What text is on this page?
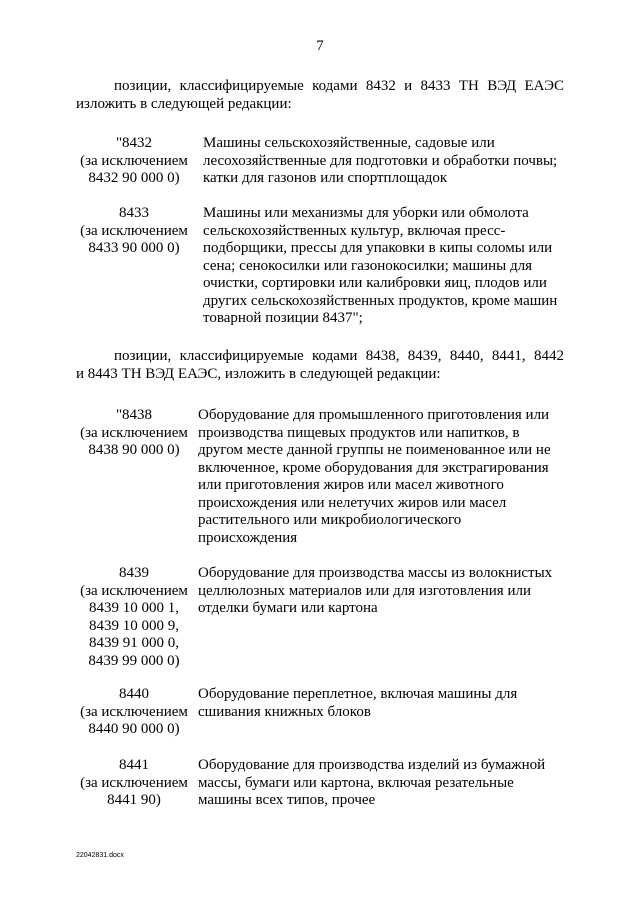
7

позиции, классифицируемые кодами 8432 и 8433 ТН ВЭД ЕАЭС
изложить в следующей редакции:

"8432
(за исключением
8432 90 000 0)
Машины сельскохозяйственные, садовые или
лесохозяйственные для подготовки и обработки почвы;
катки для газонов или спортплощадок
8433
(за исключением
8433 90 000 0)
Машины или механизмы для уборки или обмолота
сельскохозяйственных культур, включая пресс-
подборщики, прессы для упаковки в кипы соломы или
сена; сенокосилки или газонокосилки; машины для
очистки, сортировки или калибровки яиц, плодов или
других сельскохозяйственных продуктов, кроме машин
товарной позиции 8437";

позиции, классифицируемые кодами 8438, 8439, 8440, 8441, 8442
и 8443 ТН ВЭД ЕАЭС, изложить в следующей редакции:

"8438
(за исключением
8438 90 000 0)
Оборудование для промышленного приготовления или
производства пищевых продуктов или напитков, в
другом месте данной группы не поименованное или не
включенное, кроме оборудования для экстрагирования
или приготовления жиров или масел животного
происхождения или нелетучих жиров или масел
растительного или микробиологического
происхождения
8439
(за исключением
8439 10 000 1,
8439 10 000 9,
8439 91 000 0,
8439 99 000 0)
Оборудование для производства массы из волокнистых
целлюлозных материалов или для изготовления или
отделки бумаги или картона
8440
(за исключением
8440 90 000 0)
Оборудование переплетное, включая машины для
сшивания книжных блоков
8441
(за исключением
8441 90)
Оборудование для производства изделий из бумажной
массы, бумаги или картона, включая резательные
машины всех типов, прочее
22042831.docx
